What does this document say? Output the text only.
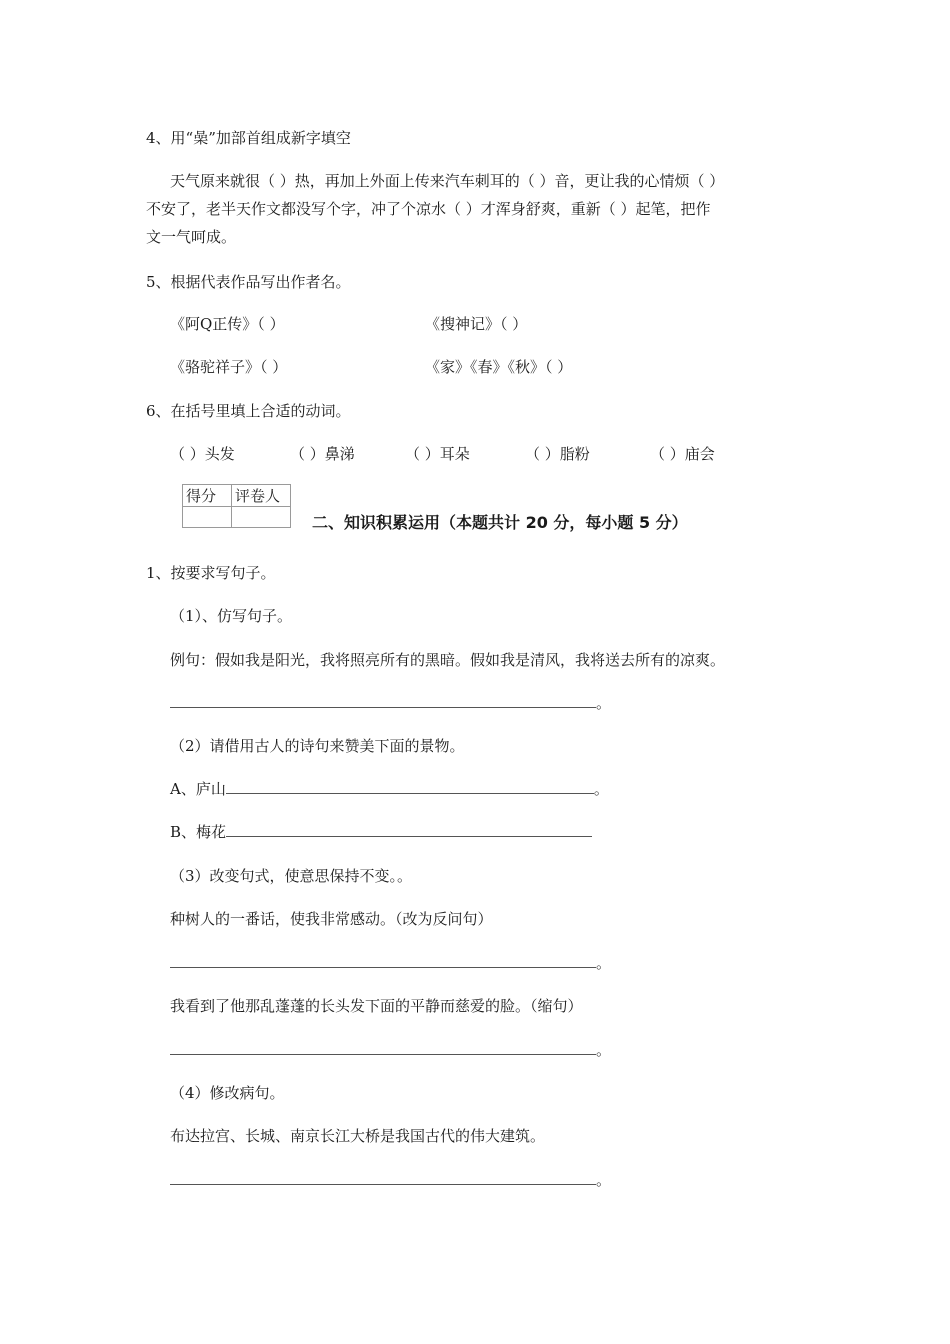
4、用“喿”加部首组成新字填空
天气原来就很（ ）热，再加上外面上传来汽车刺耳的（ ）音，更让我的心情烦（ ）
不安了，老半天作文都没写个字，冲了个凉水（ ）才浑身舒爽，重新（ ）起笔，把作
文一气呵成。
5、根据代表作品写出作者名。
《阿Q正传》（ ）	《搜神记》（ ）
《骆驼祥子》（ ）	《家》《春》《秋》（ ）
6、在括号里填上合适的动词。
（ ）头发	（ ）鼻涕	（ ）耳朵	（ ）脂粉	（ ）庙会
得分	评卷人

二、知识积累运用（本题共计 20 分，每小题 5 分）
1、按要求写句子。
（1）、仿写句子。
例句：假如我是阳光，我将照亮所有的黑暗。假如我是清风，我将送去所有的凉爽。
。
（2）请借用古人的诗句来赞美下面的景物。
A、庐山	。
B、梅花
（3）改变句式，使意思保持不变。。
种树人的一番话，使我非常感动。（改为反问句）
。
我看到了他那乱蓬蓬的长头发下面的平静而慈爱的脸。（缩句）
。
（4）修改病句。
布达拉宫、长城、南京长江大桥是我国古代的伟大建筑。
。
